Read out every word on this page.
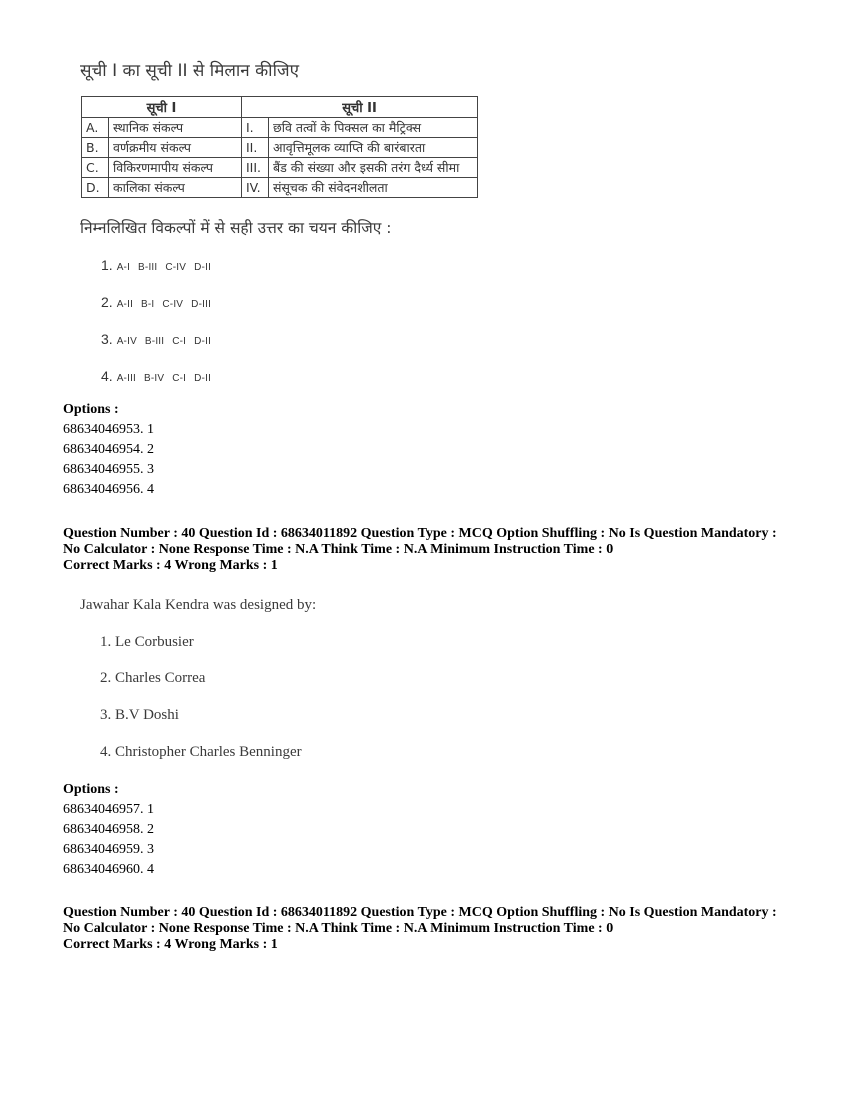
सूची I का सूची II से मिलान कीजिए
सूची I		सूची II	
A.	स्थानिक संकल्प	I.	छवि तत्वों के पिक्सल का मैट्रिक्स
B.	वर्णक्रमीय संकल्प	II.	आवृत्तिमूलक व्याप्ति की बारंबारता
C.	विकिरणमापीय संकल्प	III.	बैंड की संख्या और इसकी तरंग दैर्ध्य सीमा
D.	कालिका संकल्प	IV.	संसूचक की संवेदनशीलता
निम्नलिखित विकल्पों में से सही उत्तर का चयन कीजिए :
1. A-I B-III C-IV D-II
2. A-II B-I C-IV D-III
3. A-IV B-III C-I D-II
4. A-III B-IV C-I D-II
Options :
68634046953. 1
68634046954. 2
68634046955. 3
68634046956. 4
Question Number : 40 Question Id : 68634011892 Question Type : MCQ Option Shuffling : No Is Question Mandatory :
No Calculator : None Response Time : N.A Think Time : N.A Minimum Instruction Time : 0
Correct Marks : 4 Wrong Marks : 1
Jawahar Kala Kendra was designed by:
1. Le Corbusier
2. Charles Correa
3. B.V Doshi
4. Christopher Charles Benninger
Options :
68634046957. 1
68634046958. 2
68634046959. 3
68634046960. 4
Question Number : 40 Question Id : 68634011892 Question Type : MCQ Option Shuffling : No Is Question Mandatory :
No Calculator : None Response Time : N.A Think Time : N.A Minimum Instruction Time : 0
Correct Marks : 4 Wrong Marks : 1
